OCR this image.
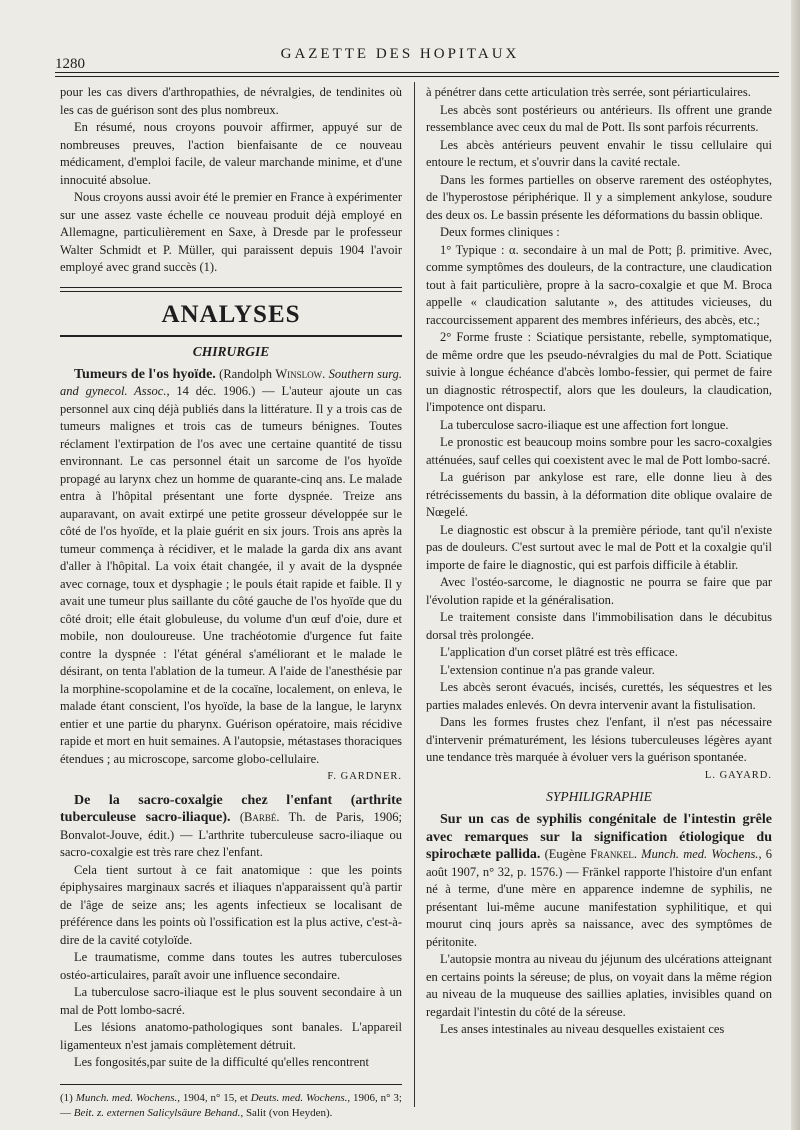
1280
GAZETTE DES HOPITAUX

pour les cas divers d'arthropathies, de névralgies, de tendinites où les cas de guérison sont des plus nombreux.

En résumé, nous croyons pouvoir affirmer, appuyé sur de nombreuses preuves, l'action bienfaisante de ce nouveau médicament, d'emploi facile, de valeur marchande minime, et d'une innocuité absolue.

Nous croyons aussi avoir été le premier en France à expérimenter sur une assez vaste échelle ce nouveau produit déjà employé en Allemagne, particulièrement en Saxe, à Dresde par le professeur Walter Schmidt et P. Müller, qui paraissent depuis 1904 l'avoir employé avec grand succès (1).

ANALYSES
CHIRURGIE

Tumeurs de l'os hyoïde. (Randolph Winslow. Southern surg. and gynecol. Assoc., 14 déc. 1906.) — L'auteur ajoute un cas personnel aux cinq déjà publiés dans la littérature. Il y a trois cas de tumeurs malignes et trois cas de tumeurs bénignes. Toutes réclament l'extirpation de l'os avec une certaine quantité de tissu environnant. Le cas personnel était un sarcome de l'os hyoïde propagé au larynx chez un homme de quarante-cinq ans. Le malade entra à l'hôpital présentant une forte dyspnée. Treize ans auparavant, on avait extirpé une petite grosseur développée sur le côté de l'os hyoïde, et la plaie guérit en six jours. Trois ans après la tumeur commença à récidiver, et le malade la garda dix ans avant d'aller à l'hôpital. La voix était changée, il y avait de la dyspnée avec cornage, toux et dysphagie ; le pouls était rapide et faible. Il y avait une tumeur plus saillante du côté gauche de l'os hyoïde que du côté droit; elle était globuleuse, du volume d'un œuf d'oie, dure et mobile, non douloureuse. Une trachéotomie d'urgence fut faite contre la dyspnée : l'état général s'améliorant et le malade le désirant, on tenta l'ablation de la tumeur. A l'aide de l'anesthésie par la morphine-scopolamine et de la cocaïne, localement, on enleva, le malade étant conscient, l'os hyoïde, la base de la langue, le larynx entier et une partie du pharynx. Guérison opératoire, mais récidive rapide et mort en huit semaines. A l'autopsie, métastases thoraciques étendues ; au microscope, sarcome globo-cellulaire.
F. GARDNER.

De la sacro-coxalgie chez l'enfant (arthrite tuberculeuse sacro-iliaque). (Barbé. Th. de Paris, 1906; Bonvalot-Jouve, édit.) — L'arthrite tuberculeuse sacro-iliaque ou sacro-coxalgie est très rare chez l'enfant.

Cela tient surtout à ce fait anatomique : que les points épiphysaires marginaux sacrés et iliaques n'apparaissent qu'à partir de l'âge de seize ans; les agents infectieux se localisant de préférence dans les points où l'ossification est la plus active, c'est-à-dire de la cavité cotyloïde.

Le traumatisme, comme dans toutes les autres tuberculoses ostéo-articulaires, paraît avoir une influence secondaire.

La tuberculose sacro-iliaque est le plus souvent secondaire à un mal de Pott lombo-sacré.

Les lésions anatomo-pathologiques sont banales. L'appareil ligamenteux n'est jamais complètement détruit.

Les fongosités,par suite de la difficulté qu'elles rencontrent

(1) Munch. med. Wochens., 1904, n° 15, et Deuts. med. Wochens., 1906, n° 3; — Beit. z. externen Salicylsäure Behand., Salit (von Heyden).

à pénétrer dans cette articulation très serrée, sont périarticulaires.

Les abcès sont postérieurs ou antérieurs. Ils offrent une grande ressemblance avec ceux du mal de Pott. Ils sont parfois récurrents.

Les abcès antérieurs peuvent envahir le tissu cellulaire qui entoure le rectum, et s'ouvrir dans la cavité rectale.

Dans les formes partielles on observe rarement des ostéophytes, de l'hyperostose périphérique. Il y a simplement ankylose, soudure des deux os. Le bassin présente les déformations du bassin oblique.

Deux formes cliniques :

1° Typique : α. secondaire à un mal de Pott; β. primitive. Avec, comme symptômes des douleurs, de la contracture, une claudication tout à fait particulière, propre à la sacro-coxalgie et que M. Broca appelle « claudication salutante », des attitudes vicieuses, du raccourcissement apparent des membres inférieurs, des abcès, etc.;

2° Forme fruste : Sciatique persistante, rebelle, symptomatique, de même ordre que les pseudo-névralgies du mal de Pott. Sciatique suivie à longue échéance d'abcès lombo-fessier, qui permet de faire un diagnostic rétrospectif, alors que les douleurs, la claudication, l'impotence ont disparu.

La tuberculose sacro-iliaque est une affection fort longue.

Le pronostic est beaucoup moins sombre pour les sacro-coxalgies atténuées, sauf celles qui coexistent avec le mal de Pott lombo-sacré.

La guérison par ankylose est rare, elle donne lieu à des rétrécissements du bassin, à la déformation dite oblique ovalaire de Nœgelé.

Le diagnostic est obscur à la première période, tant qu'il n'existe pas de douleurs. C'est surtout avec le mal de Pott et la coxalgie qu'il importe de faire le diagnostic, qui est parfois difficile à établir.

Avec l'ostéo-sarcome, le diagnostic ne pourra se faire que par l'évolution rapide et la généralisation.

Le traitement consiste dans l'immobilisation dans le décubitus dorsal très prolongée.

L'application d'un corset plâtré est très efficace.

L'extension continue n'a pas grande valeur.

Les abcès seront évacués, incisés, curettés, les séquestres et les parties malades enlevés. On devra intervenir avant la fistulisation.

Dans les formes frustes chez l'enfant, il n'est pas nécessaire d'intervenir prématurément, les lésions tuberculeuses légères ayant une tendance très marquée à évoluer vers la guérison spontanée.
L. GAYARD.

SYPHILIGRAPHIE

Sur un cas de syphilis congénitale de l'intestin grêle avec remarques sur la signification étiologique du spirochæte pallida. (Eugène Frankel. Munch. med. Wochens., 6 août 1907, n° 32, p. 1576.) — Fränkel rapporte l'histoire d'un enfant né à terme, d'une mère en apparence indemne de syphilis, ne présentant lui-même aucune manifestation syphilitique, et qui mourut cinq jours après sa naissance, avec des symptômes de péritonite.

L'autopsie montra au niveau du jéjunum des ulcérations atteignant en certains points la séreuse; de plus, on voyait dans la même région au niveau de la muqueuse des saillies aplaties, invisibles quand on regardait l'intestin du côté de la séreuse.

Les anses intestinales au niveau desquelles existaient ces
